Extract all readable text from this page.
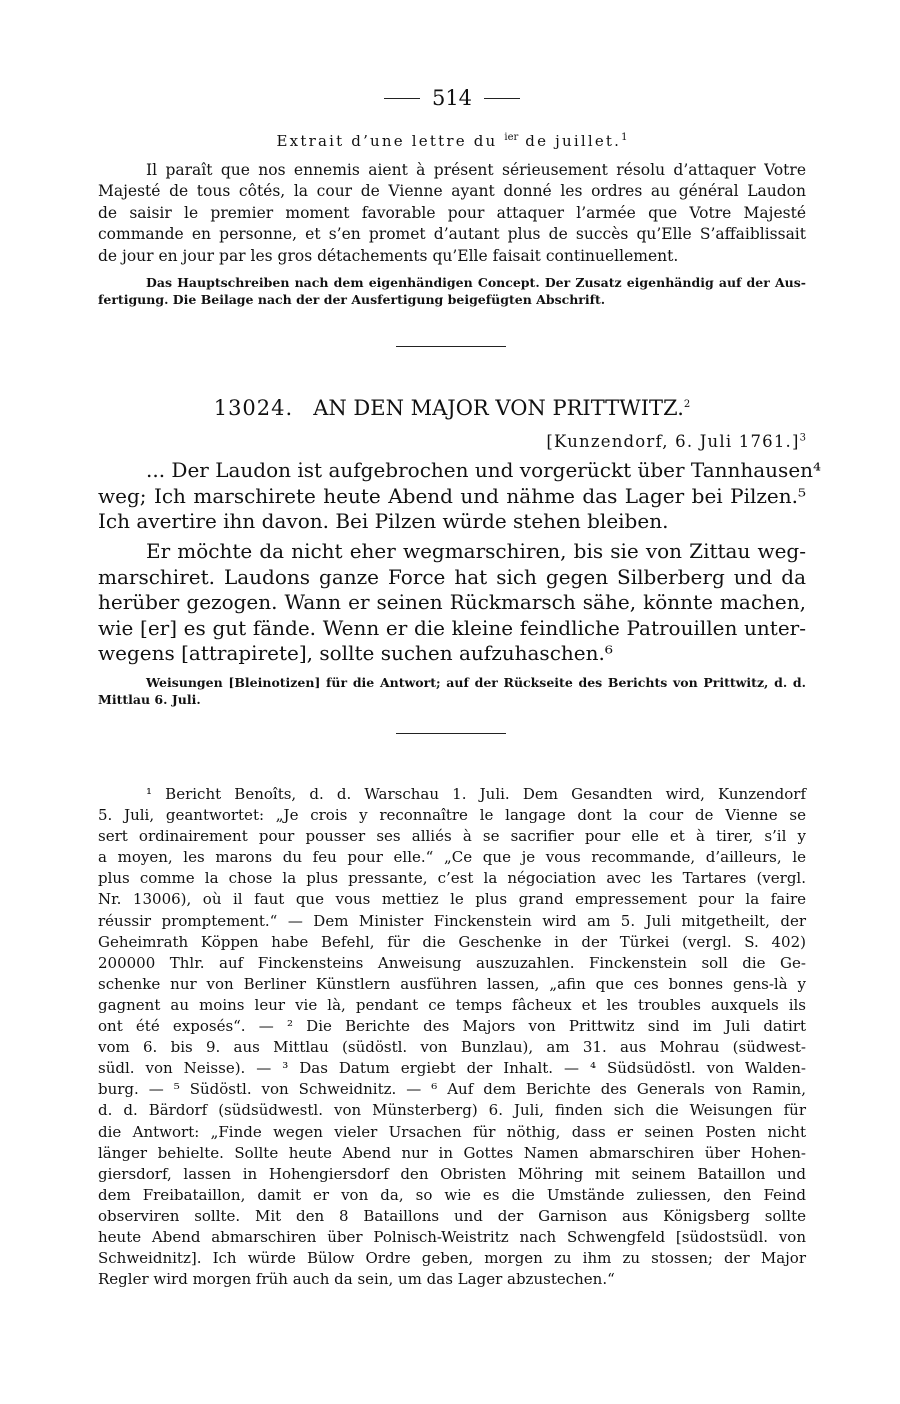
514
Extrait d’une lettre du $^{ier}$ de juillet.$^1$
Il paraît que nos ennemis aient à présent sérieusement résolu d’attaquer Votre
Majesté de tous côtés, la cour de Vienne ayant donné les ordres au général Laudon
de saisir le premier moment favorable pour attaquer l’armée que Votre Majesté
commande en personne, et s’en promet d’autant plus de succès qu’Elle S’affaiblissait
de jour en jour par les gros détachements qu’Elle faisait continuellement.
Das Hauptschreiben nach dem eigenhändigen Concept. Der Zusatz eigenhändig auf der Aus-
fertigung. Die Beilage nach der der Ausfertigung beigefügten Abschrift.
13024. AN DEN MAJOR VON PRITTWITZ.$^2$
[Kunzendorf, 6. Juli 1761.]$^3$
... Der Laudon ist aufgebrochen und vorgerückt über Tannhausen⁴
weg; Ich marschirete heute Abend und nähme das Lager bei Pilzen.⁵
Ich avertire ihn davon. Bei Pilzen würde stehen bleiben.
Er möchte da nicht eher wegmarschiren, bis sie von Zittau weg-
marschiret. Laudons ganze Force hat sich gegen Silberberg und da
herüber gezogen. Wann er seinen Rückmarsch sähe, könnte machen,
wie [er] es gut fände. Wenn er die kleine feindliche Patrouillen unter-
wegens [attrapirete], sollte suchen aufzuhaschen.⁶
Weisungen [Bleinotizen] für die Antwort; auf der Rückseite des Berichts von Prittwitz, d. d.
Mittlau 6. Juli.
¹ Bericht Benoîts, d. d. Warschau 1. Juli. Dem Gesandten wird, Kunzendorf
5. Juli, geantwortet: „Je crois y reconnaître le langage dont la cour de Vienne se
sert ordinairement pour pousser ses alliés à se sacrifier pour elle et à tirer, s’il y
a moyen, les marons du feu pour elle.“ „Ce que je vous recommande, d’ailleurs, le
plus comme la chose la plus pressante, c’est la négociation avec les Tartares (vergl.
Nr. 13006), où il faut que vous mettiez le plus grand empressement pour la faire
réussir promptement.“ — Dem Minister Finckenstein wird am 5. Juli mitgetheilt, der
Geheimrath Köppen habe Befehl, für die Geschenke in der Türkei (vergl. S. 402)
200000 Thlr. auf Finckensteins Anweisung auszuzahlen. Finckenstein soll die Ge-
schenke nur von Berliner Künstlern ausführen lassen, „afin que ces bonnes gens-là y
gagnent au moins leur vie là, pendant ce temps fâcheux et les troubles auxquels ils
ont été exposés“. — ² Die Berichte des Majors von Prittwitz sind im Juli datirt
vom 6. bis 9. aus Mittlau (südöstl. von Bunzlau), am 31. aus Mohrau (südwest-
südl. von Neisse). — ³ Das Datum ergiebt der Inhalt. — ⁴ Südsüdöstl. von Walden-
burg. — ⁵ Südöstl. von Schweidnitz. — ⁶ Auf dem Berichte des Generals von Ramin,
d. d. Bärdorf (südsüdwestl. von Münsterberg) 6. Juli, finden sich die Weisungen für
die Antwort: „Finde wegen vieler Ursachen für nöthig, dass er seinen Posten nicht
länger behielte. Sollte heute Abend nur in Gottes Namen abmarschiren über Hohen-
giersdorf, lassen in Hohengiersdorf den Obristen Möhring mit seinem Bataillon und
dem Freibataillon, damit er von da, so wie es die Umstände zuliessen, den Feind
observiren sollte. Mit den 8 Bataillons und der Garnison aus Königsberg sollte
heute Abend abmarschiren über Polnisch-Weistritz nach Schwengfeld [südostsüdl. von
Schweidnitz]. Ich würde Bülow Ordre geben, morgen zu ihm zu stossen; der Major
Regler wird morgen früh auch da sein, um das Lager abzustechen.“
